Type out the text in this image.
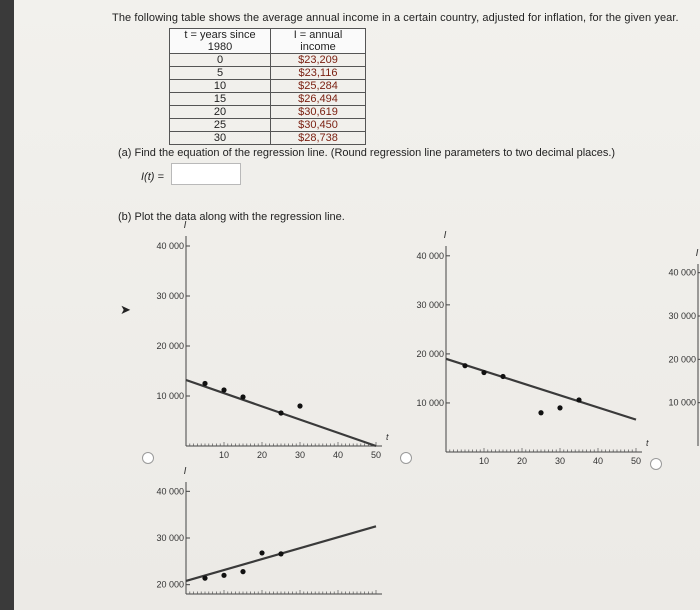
The following table shows the average annual income in a certain country, adjusted for inflation, for the given year.
t = years since 1980	I = annual income
0	$23,209
5	$23,116
10	$25,284
15	$26,494
20	$30,619
25	$30,450
30	$28,738
(a) Find the equation of the regression line. (Round regression line parameters to two decimal places.)
I(t) =
(b) Plot the data along with the regression line.
➤
I
10 000
20 000
30 000
40 000
t
10	20	30	40	50
I
10 000
20 000
30 000
40 000
t
10	20	30	40	50
I
10 000
20 000
30 000
40 000
I
20 000
30 000
40 000
